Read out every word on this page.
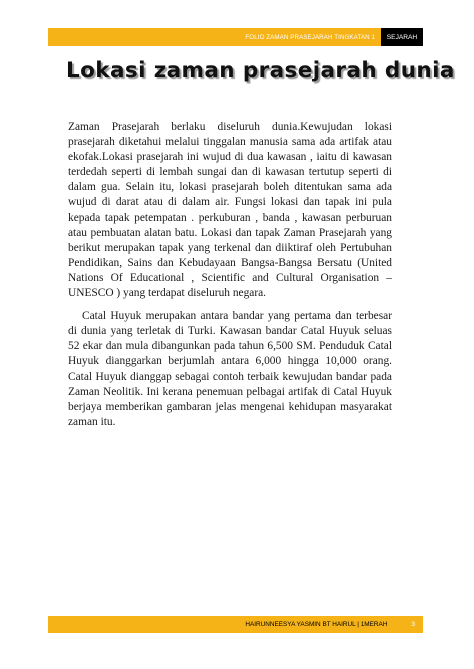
FOLIO ZAMAN PRASEJARAH TINGKATAN 1	SEJARAH
Lokasi zaman prasejarah dunia

Zaman Prasejarah berlaku diseluruh dunia.Kewujudan lokasi prasejarah diketahui melalui tinggalan manusia sama ada artifak atau ekofak.Lokasi prasejarah ini wujud di dua kawasan , iaitu di kawasan terdedah seperti di lembah sungai dan di kawasan tertutup seperti di dalam gua. Selain itu, lokasi prasejarah boleh ditentukan sama ada wujud di darat atau di dalam air. Fungsi lokasi dan tapak ini pula kepada tapak petempatan . perkuburan , banda , kawasan perburuan atau pembuatan alatan batu. Lokasi dan tapak Zaman Prasejarah yang berikut merupakan tapak yang terkenal dan diiktiraf oleh Pertubuhan Pendidikan, Sains dan Kebudayaan Bangsa-Bangsa Bersatu (United Nations Of Educational , Scientific and Cultural Organisation – UNESCO ) yang terdapat diseluruh negara.

Catal Huyuk merupakan antara bandar yang pertama dan terbesar di dunia yang terletak di Turki. Kawasan bandar Catal Huyuk seluas 52 ekar dan mula dibangunkan pada tahun 6,500 SM. Penduduk Catal Huyuk dianggarkan berjumlah antara 6,000 hingga 10,000 orang. Catal Huyuk dianggap sebagai contoh terbaik kewujudan bandar pada Zaman Neolitik. Ini kerana penemuan pelbagai artifak di Catal Huyuk berjaya memberikan gambaran jelas mengenai kehidupan masyarakat zaman itu.

HAIRUNNEESYA YASMIN BT HAIRUL | 1MERAH	3
